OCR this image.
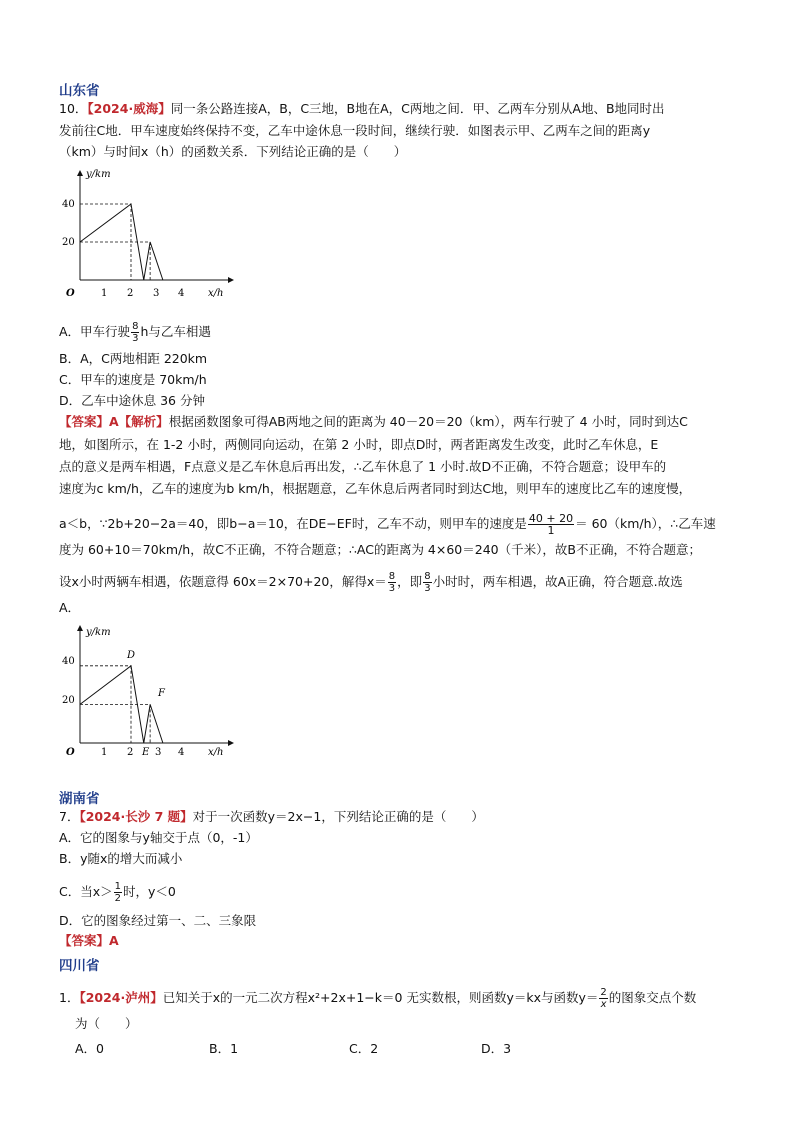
山东省
10．【2024·威海】同一条公路连接A，B，C三地，B地在A，C两地之间．甲、乙两车分别从A地、B地同时出
发前往C地．甲车速度始终保持不变，乙车中途休息一段时间，继续行驶．如图表示甲、乙两车之间的距离y
（km）与时间x（h）的函数关系．下列结论正确的是（　　）
y/km
x/h
O
40
20
1 2 3 4
A．甲车行驶 $\frac{8}{3}$ h与乙车相遇
B．A，C两地相距 220km
C．甲车的速度是 70km/h
D．乙车中途休息 36 分钟
【答案】A【解析】根据函数图象可得AB两地之间的距离为 40－20＝20（km），两车行驶了 4 小时，同时到达C
地，如图所示，在 1-2 小时，两侧同向运动，在第 2 小时，即点D时，两者距离发生改变，此时乙车休息，E
点的意义是两车相遇，F点意义是乙车休息后再出发，∴乙车休息了 1 小时.故D不正确，不符合题意；设甲车的
速度为c km/h，乙车的速度为b km/h，根据题意，乙车休息后两者同时到达C地，则甲车的速度比乙车的速度慢，
a＜b，∵2b+20−2a＝40，即b−a＝10，在DE−EF时，乙车不动，则甲车的速度是 $\frac{40 + 20}{1} = 60(km/h)$，∴乙车速
度为 60+10＝70km/h，故C不正确，不符合题意；∴AC的距离为 4×60＝240（千米），故B不正确，不符合题意；
设x小时两辆车相遇，依题意得 60x＝2×70+20，解得$x= \frac{8}{3}$ ，即 $\frac{8}{3}$ 小时时，两车相遇，故A正确，符合题意.故选
A．
y/km
x/h
O
40
20
1 2 E 3 4
D
F
湖南省
7．【2024·长沙 7 题】对于一次函数y＝2x−1，下列结论正确的是（　　）
A．它的图象与y轴交于点（0，-1）
B．y随x的增大而减小
C．当$x> \frac{1}{2}$ 时，y＜0
D．它的图象经过第一、二、三象限
【答案】A
四川省
1．【2024·泸州】已知关于x的一元二次方程x²+2x+1−k＝0 无实数根，则函数y＝kx与函数$y= \frac{2}{x}$ 的图象交点个数
为（　　）
A．0	B．1	C．2	D．3
